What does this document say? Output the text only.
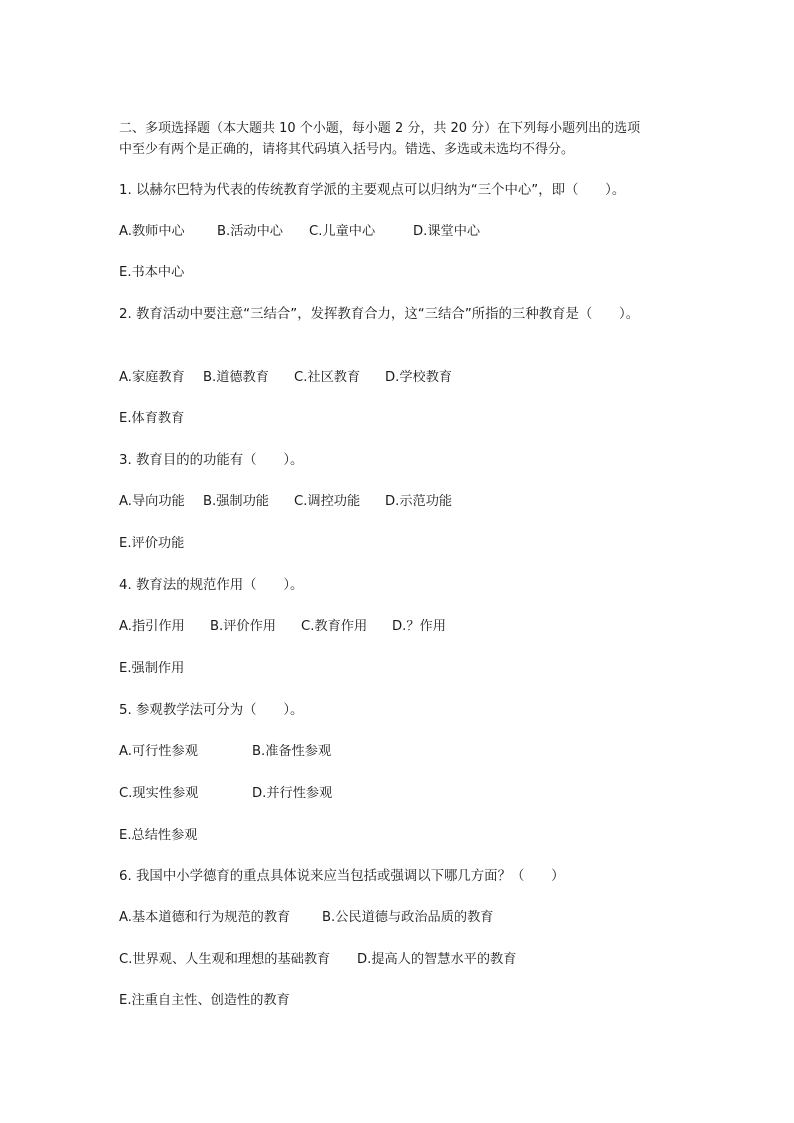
二、多项选择题（本大题共 10 个小题，每小题 2 分，共 20 分）在下列每小题列出的选项

中至少有两个是正确的，请将其代码填入括号内。错选、多选或未选均不得分。

1. 以赫尔巴特为代表的传统教育学派的主要观点可以归纳为“三个中心”，即（　　）。

A.教师中心 B.活动中心 C.儿童中心	D.课堂中心
E.书本中心

2. 教育活动中要注意“三结合”，发挥教育合力，这“三结合”所指的三种教育是（　　）。

A.家庭教育 B.道德教育 C.社区教育 D.学校教育
E.体育教育

3. 教育目的的功能有（　　）。

A.导向功能 B.强制功能 C.调控功能 D.示范功能
E.评价功能

4. 教育法的规范作用（　　）。

A.指引作用 B.评价作用 C.教育作用 D.？作用
E.强制作用

5. 参观教学法可分为（　　）。

A.可行性参观	B.准备性参观
C.现实性参观	D.并行性参观
E.总结性参观

6. 我国中小学德育的重点具体说来应当包括或强调以下哪几方面？（　　）

A.基本道德和行为规范的教育 B.公民道德与政治品质的教育
C.世界观、人生观和理想的基础教育 D.提高人的智慧水平的教育
E.注重自主性、创造性的教育
